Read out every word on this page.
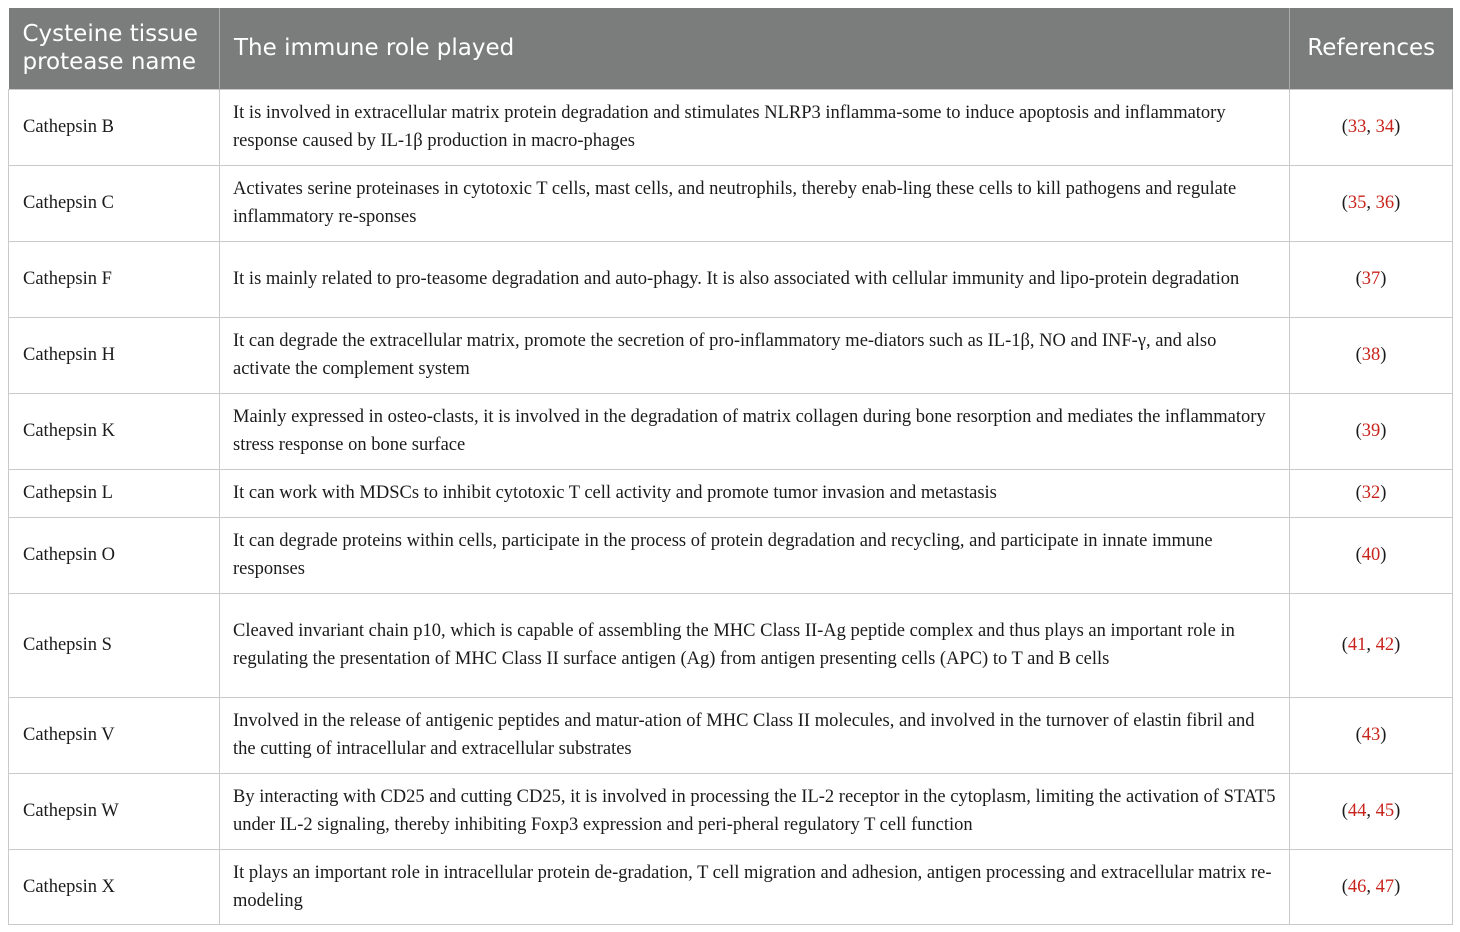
Cysteine tissue protease name	The immune role played	References
Cathepsin B	It is involved in extracellular matrix protein degradation and stimulates NLRP3 inflamma-some to induce apoptosis and inflammatory response caused by IL-1β production in macro-phages	(33, 34)
Cathepsin C	Activates serine proteinases in cytotoxic T cells, mast cells, and neutrophils, thereby enab-ling these cells to kill pathogens and regulate inflammatory re-sponses	(35, 36)
Cathepsin F	It is mainly related to pro-teasome degradation and auto-phagy. It is also associated with cellular immunity and lipo-protein degradation	(37)
Cathepsin H	It can degrade the extracellular matrix, promote the secretion of pro-inflammatory me-diators such as IL-1β, NO and INF-γ, and also activate the complement system	(38)
Cathepsin K	Mainly expressed in osteo-clasts, it is involved in the degradation of matrix collagen during bone resorption and mediates the inflammatory stress response on bone surface	(39)
Cathepsin L	It can work with MDSCs to inhibit cytotoxic T cell activity and promote tumor invasion and metastasis	(32)
Cathepsin O	It can degrade proteins within cells, participate in the process of protein degradation and recycling, and participate in innate immune responses	(40)
Cathepsin S	Cleaved invariant chain p10, which is capable of assembling the MHC Class II-Ag peptide complex and thus plays an important role in regulating the presentation of MHC Class II surface antigen (Ag) from antigen presenting cells (APC) to T and B cells	(41, 42)
Cathepsin V	Involved in the release of antigenic peptides and matur-ation of MHC Class II molecules, and involved in the turnover of elastin fibril and the cutting of intracellular and extracellular substrates	(43)
Cathepsin W	By interacting with CD25 and cutting CD25, it is involved in processing the IL-2 receptor in the cytoplasm, limiting the activation of STAT5 under IL-2 signaling, thereby inhibiting Foxp3 expression and peri-pheral regulatory T cell function	(44, 45)
Cathepsin X	It plays an important role in intracellular protein de-gradation, T cell migration and adhesion, antigen processing and extracellular matrix re-modeling	(46, 47)
